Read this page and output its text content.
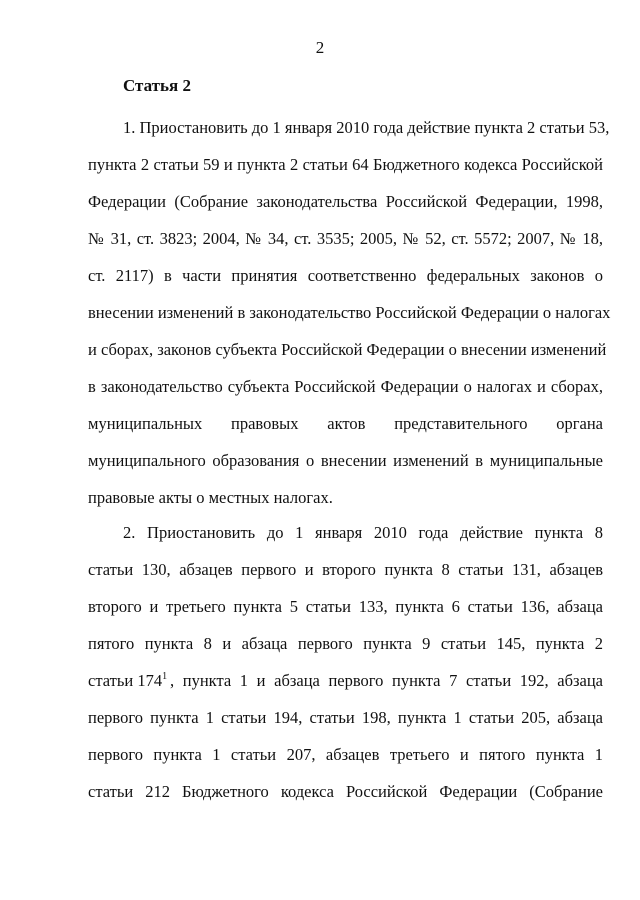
2
Статья 2
1. Приостановить до 1 января 2010 года действие пункта 2 статьи 53,
пункта 2 статьи 59 и пункта 2 статьи 64 Бюджетного кодекса Российской
Федерации (Собрание законодательства Российской Федерации, 1998,
№ 31, ст. 3823; 2004, № 34, ст. 3535; 2005, № 52, ст. 5572; 2007, № 18,
ст. 2117) в части принятия соответственно федеральных законов о
внесении изменений в законодательство Российской Федерации о налогах
и сборах, законов субъекта Российской Федерации о внесении изменений
в законодательство субъекта Российской Федерации о налогах и сборах,
муниципальных правовых актов представительного органа
муниципального образования о внесении изменений в муниципальные
правовые акты о местных налогах.
2. Приостановить до 1 января 2010 года действие пункта 8
статьи 130, абзацев первого и второго пункта 8 статьи 131, абзацев
второго и третьего пункта 5 статьи 133, пункта 6 статьи 136, абзаца
пятого пункта 8 и абзаца первого пункта 9 статьи 145, пункта 2
статьи $174^1$ , пункта 1 и абзаца первого пункта 7 статьи 192, абзаца
первого пункта 1 статьи 194, статьи 198, пункта 1 статьи 205, абзаца
первого пункта 1 статьи 207, абзацев третьего и пятого пункта 1
статьи 212 Бюджетного кодекса Российской Федерации (Собрание
